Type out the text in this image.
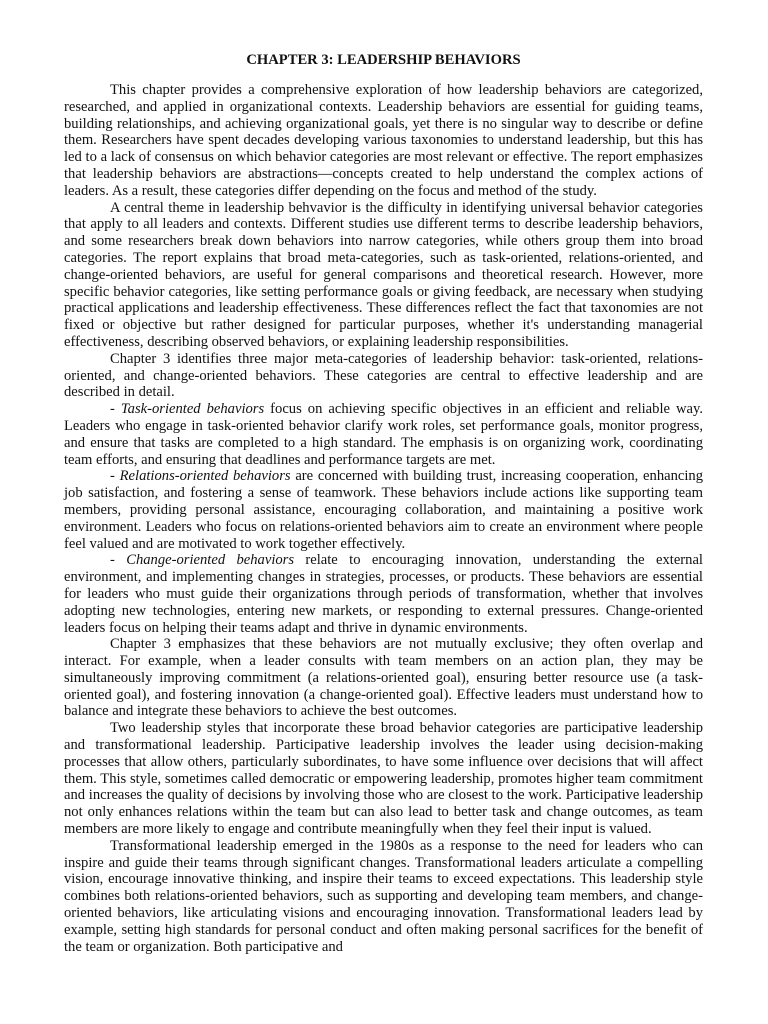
CHAPTER 3: LEADERSHIP BEHAVIORS

This chapter provides a comprehensive exploration of how leadership behaviors are categorized, researched, and applied in organizational contexts. Leadership behaviors are essential for guiding teams, building relationships, and achieving organizational goals, yet there is no singular way to describe or define them. Researchers have spent decades developing various taxonomies to understand leadership, but this has led to a lack of consensus on which behavior categories are most relevant or effective. The report emphasizes that leadership behaviors are abstractions—concepts created to help understand the complex actions of leaders. As a result, these categories differ depending on the focus and method of the study.

A central theme in leadership behvavior is the difficulty in identifying universal behavior categories that apply to all leaders and contexts. Different studies use different terms to describe leadership behaviors, and some researchers break down behaviors into narrow categories, while others group them into broad categories. The report explains that broad meta-categories, such as task-oriented, relations-oriented, and change-oriented behaviors, are useful for general comparisons and theoretical research. However, more specific behavior categories, like setting performance goals or giving feedback, are necessary when studying practical applications and leadership effectiveness. These differences reflect the fact that taxonomies are not fixed or objective but rather designed for particular purposes, whether it's understanding managerial effectiveness, describing observed behaviors, or explaining leadership responsibilities.

Chapter 3 identifies three major meta-categories of leadership behavior: task-oriented, relations-oriented, and change-oriented behaviors. These categories are central to effective leadership and are described in detail.

- Task-oriented behaviors focus on achieving specific objectives in an efficient and reliable way. Leaders who engage in task-oriented behavior clarify work roles, set performance goals, monitor progress, and ensure that tasks are completed to a high standard. The emphasis is on organizing work, coordinating team efforts, and ensuring that deadlines and performance targets are met.

- Relations-oriented behaviors are concerned with building trust, increasing cooperation, enhancing job satisfaction, and fostering a sense of teamwork. These behaviors include actions like supporting team members, providing personal assistance, encouraging collaboration, and maintaining a positive work environment. Leaders who focus on relations-oriented behaviors aim to create an environment where people feel valued and are motivated to work together effectively.

- Change-oriented behaviors relate to encouraging innovation, understanding the external environment, and implementing changes in strategies, processes, or products. These behaviors are essential for leaders who must guide their organizations through periods of transformation, whether that involves adopting new technologies, entering new markets, or responding to external pressures. Change-oriented leaders focus on helping their teams adapt and thrive in dynamic environments.

Chapter 3 emphasizes that these behaviors are not mutually exclusive; they often overlap and interact. For example, when a leader consults with team members on an action plan, they may be simultaneously improving commitment (a relations-oriented goal), ensuring better resource use (a task-oriented goal), and fostering innovation (a change-oriented goal). Effective leaders must understand how to balance and integrate these behaviors to achieve the best outcomes.

Two leadership styles that incorporate these broad behavior categories are participative leadership and transformational leadership. Participative leadership involves the leader using decision-making processes that allow others, particularly subordinates, to have some influence over decisions that will affect them. This style, sometimes called democratic or empowering leadership, promotes higher team commitment and increases the quality of decisions by involving those who are closest to the work. Participative leadership not only enhances relations within the team but can also lead to better task and change outcomes, as team members are more likely to engage and contribute meaningfully when they feel their input is valued.

Transformational leadership emerged in the 1980s as a response to the need for leaders who can inspire and guide their teams through significant changes. Transformational leaders articulate a compelling vision, encourage innovative thinking, and inspire their teams to exceed expectations. This leadership style combines both relations-oriented behaviors, such as supporting and developing team members, and change-oriented behaviors, like articulating visions and encouraging innovation. Transformational leaders lead by example, setting high standards for personal conduct and often making personal sacrifices for the benefit of the team or organization. Both participative and
